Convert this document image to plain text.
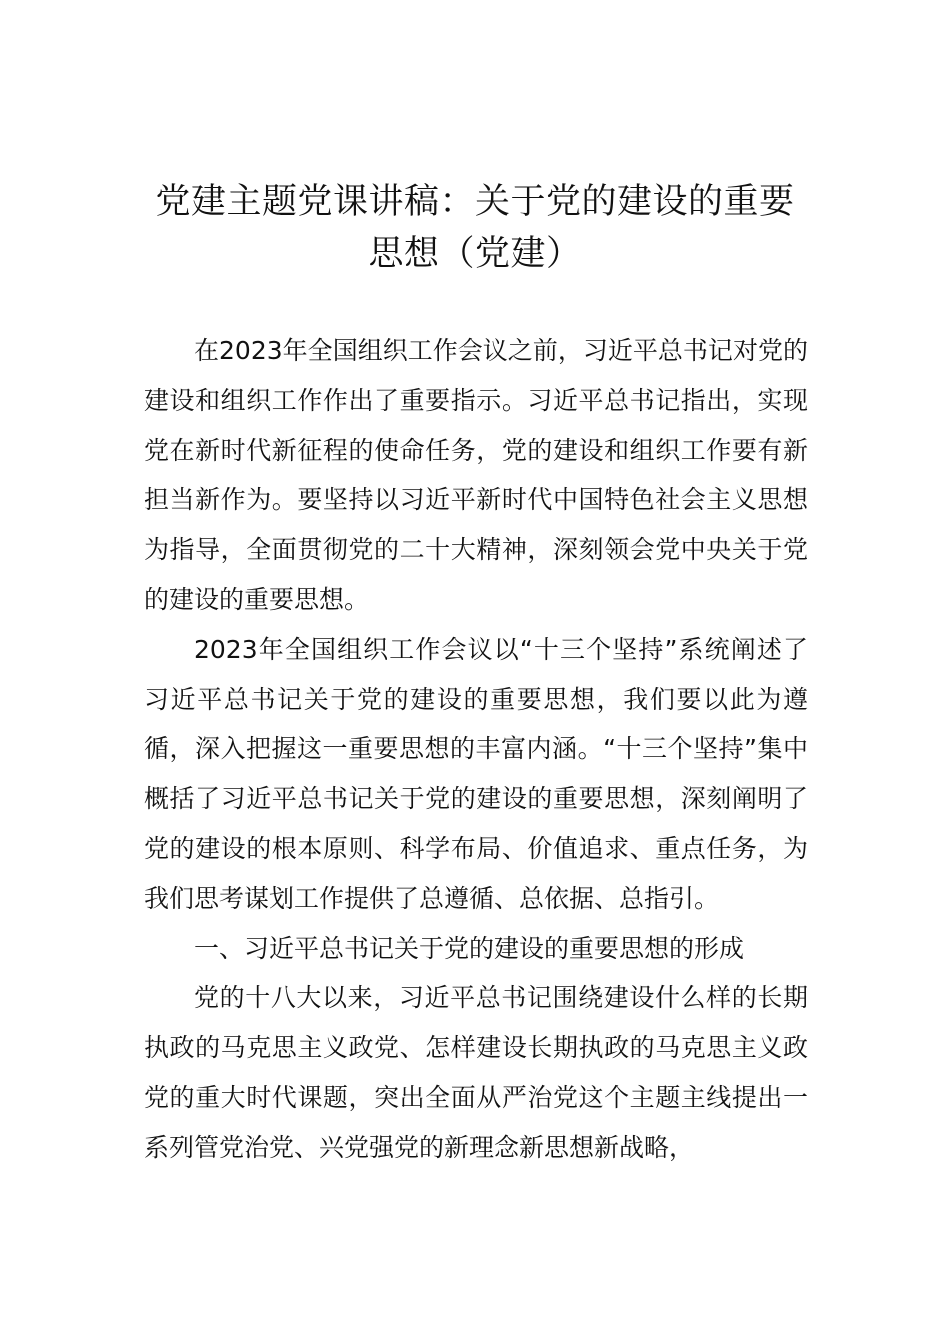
党建主题党课讲稿：关于党的建设的重要
思想（党建）

在2023年全国组织工作会议之前，习近平总书记对党的建设和组织工作作出了重要指示。习近平总书记指出，实现党在新时代新征程的使命任务，党的建设和组织工作要有新担当新作为。要坚持以习近平新时代中国特色社会主义思想为指导，全面贯彻党的二十大精神，深刻领会党中央关于党的建设的重要思想。

2023年全国组织工作会议以“十三个坚持”系统阐述了习近平总书记关于党的建设的重要思想，我们要以此为遵循，深入把握这一重要思想的丰富内涵。“十三个坚持”集中概括了习近平总书记关于党的建设的重要思想，深刻阐明了党的建设的根本原则、科学布局、价值追求、重点任务，为我们思考谋划工作提供了总遵循、总依据、总指引。

一、习近平总书记关于党的建设的重要思想的形成

党的十八大以来，习近平总书记围绕建设什么样的长期执政的马克思主义政党、怎样建设长期执政的马克思主义政党的重大时代课题，突出全面从严治党这个主题主线提出一系列管党治党、兴党强党的新理念新思想新战略，
